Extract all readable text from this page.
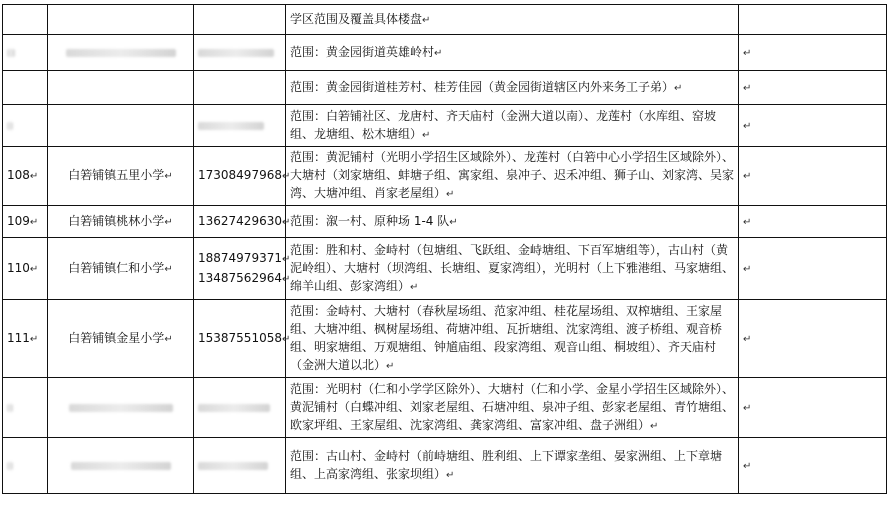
			学区范围及覆盖具体楼盘↵	
			范围：黄金园街道英雄岭村↵	↵
			范围：黄金园街道桂芳村、桂芳佳园（黄金园街道辖区内外来务工子弟）↵	↵
			范围：白箬铺社区、龙唐村、齐天庙村（金洲大道以南）、龙莲村（水库组、窑坡组、龙塘组、松木塘组）↵	↵
108↵	白箬铺镇五里小学↵	17308497968↵	范围：黄泥铺村（光明小学招生区域除外）、龙莲村（白箬中心小学招生区域除外）、大塘村（刘家塘组、蚌塘子组、寓家组、泉冲子、迟禾冲组、狮子山、刘家湾、吴家湾、大塘冲组、肖家老屋组）↵	↵
109↵	白箬铺镇桃林小学↵	13627429630↵	范围：溆一村、原种场 1-4 队↵	↵
110↵	白箬铺镇仁和小学↵	18874979371↵
13487562964↵	范围：胜和村、金峙村（包塘组、飞跃组、金峙塘组、下百军塘组等），古山村（黄泥岭组）、大塘村（坝湾组、长塘组、夏家湾组），光明村（上下雅港组、马家塘组、绵羊山组、彭家湾组）↵	↵
111↵	白箬铺镇金星小学↵	15387551058↵	范围：金峙村、大塘村（春秋屋场组、范家冲组、桂花屋场组、双榨塘组、王家屋组、大塘冲组、枫树屋场组、荷塘冲组、瓦折塘组、沈家湾组、渡子桥组、观音桥组、明家塘组、万观塘组、钟馗庙组、段家湾组、观音山组、桐坡组）、齐天庙村（金洲大道以北）↵	↵
			范围：光明村（仁和小学学区除外）、大塘村（仁和小学、金星小学招生区域除外）、黄泥铺村（白蝶冲组、刘家老屋组、石塘冲组、泉冲子组、彭家老屋组、青竹塘组、欧家坪组、王家屋组、沈家湾组、龚家湾组、富家冲组、盘子洲组）↵	↵
			范围：古山村、金峙村（前峙塘组、胜利组、上下谭家垄组、晏家洲组、上下章塘组、上高家湾组、张家坝组）↵	↵
